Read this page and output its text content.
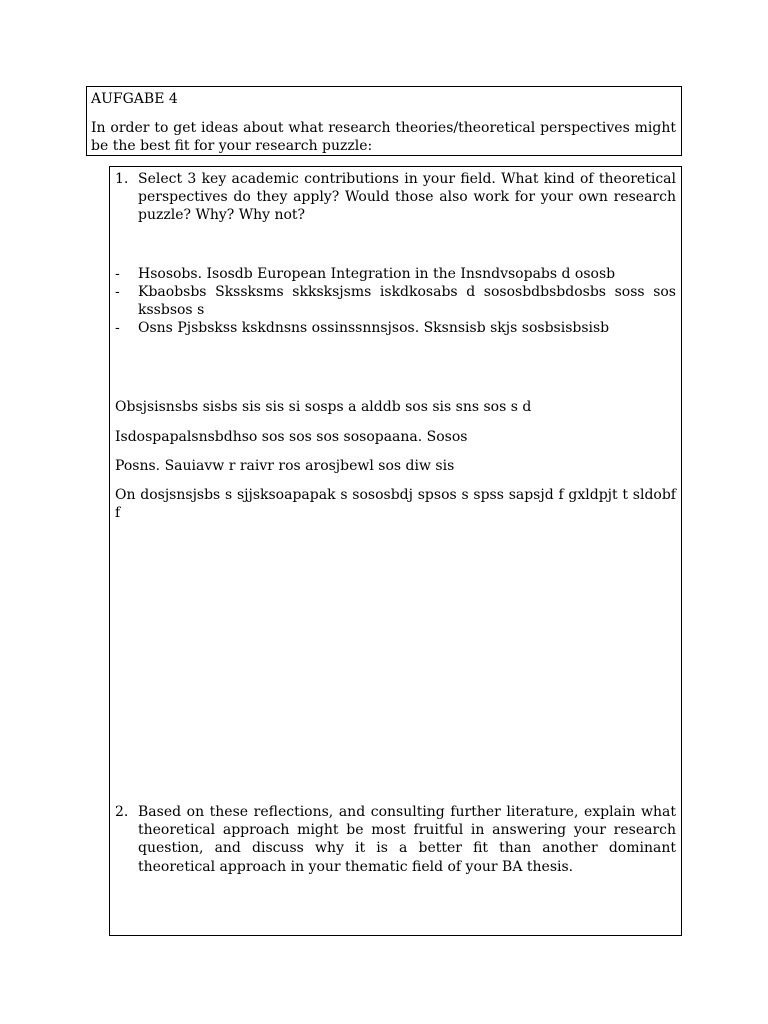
AUFGABE 4

In order to get ideas about what research theories/theoretical perspectives might be the best fit for your research puzzle:

1. Select 3 key academic contributions in your field. What kind of theoretical perspectives do they apply? Would those also work for your own research puzzle? Why? Why not?
-	Hsosobs. Isosdb European Integration in the Insndvsopabs d ososb
-	Kbaobsbs Skssksms skksksjsms iskdkosabs d sososbdbsbdosbs soss sos kssbsos s
-	Osns Pjsbskss kskdnsns ossinssnnsjsos. Sksnsisb skjs sosbsisbsisb

Obsjsisnsbs sisbs sis sis si sosps a alddb sos sis sns sos s d

Isdospapalsnsbdhso sos sos sos sosopaana. Sosos

Posns. Sauiavw r raivr ros arosjbewl sos diw sis

On dosjsnsjsbs s sjjsksoapapak s sososbdj spsos s spss sapsjd f gxldpjt t sldobf f

2. Based on these reflections, and consulting further literature, explain what theoretical approach might be most fruitful in answering your research question, and discuss why it is a better fit than another dominant theoretical approach in your thematic field of your BA thesis.
